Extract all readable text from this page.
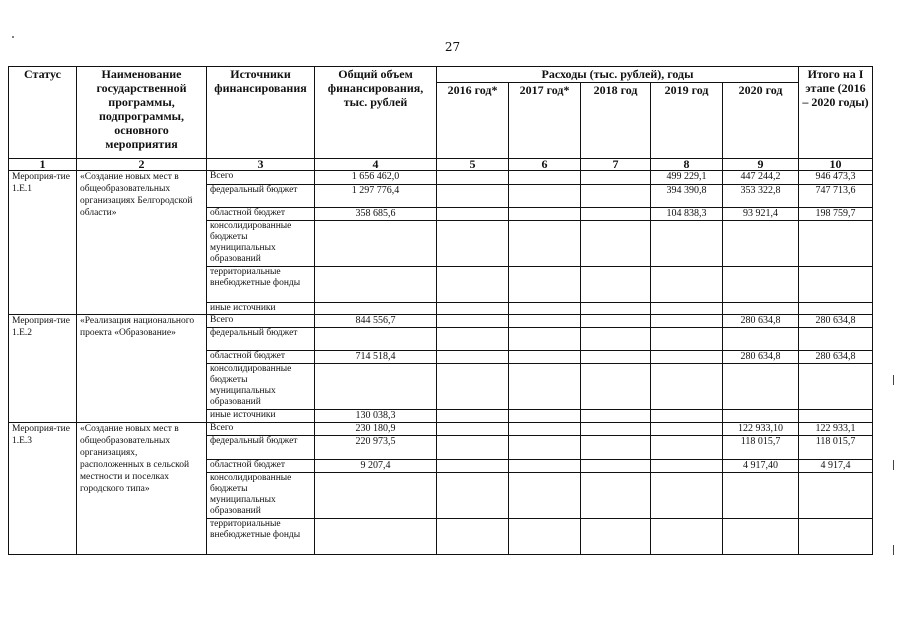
27
Статус	Наименование государственной программы, подпрограммы, основного мероприятия	Источники финансирования	Общий объем финансирования, тыс. рублей	Расходы (тыс. рублей), годы					Итого на I этапе (2016 – 2020 годы)
				2016 год*	2017 год*	2018 год	2019 год	2020 год	
1	2	3	4	5	6	7	8	9	10
Мероприя-тие 1.Е.1	«Создание новых мест в общеобразовательных организациях Белгородской области»	Всего	1 656 462,0				499 229,1	447 244,2	946 473,3
		федеральный бюджет	1 297 776,4				394 390,8	353 322,8	747 713,6
		областной бюджет	358 685,6				104 838,3	93 921,4	198 759,7
		консолидированные бюджеты муниципальных образований							
		территориальные внебюджетные фонды							
		иные источники							
Мероприя-тие 1.Е.2	«Реализация национального проекта «Образование»	Всего	844 556,7					280 634,8	280 634,8
		федеральный бюджет							
		областной бюджет	714 518,4					280 634,8	280 634,8
		консолидированные бюджеты муниципальных образований							
		иные источники	130 038,3						
Мероприя-тие 1.Е.3	«Создание новых мест в общеобразовательных организациях, расположенных в сельской местности и поселках городского типа»	Всего	230 180,9					122 933,10	122 933,1
		федеральный бюджет	220 973,5					118 015,7	118 015,7
		областной бюджет	9 207,4					4 917,40	4 917,4
		консолидированные бюджеты муниципальных образований							
		территориальные внебюджетные фонды							
